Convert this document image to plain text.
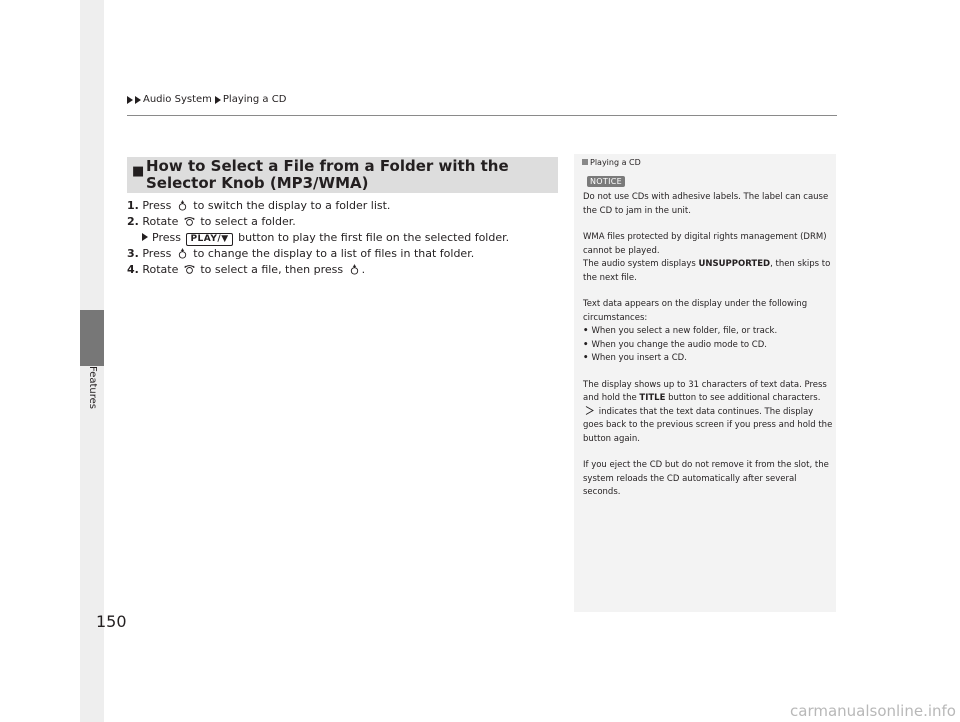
Features
Audio System Playing a CD
■ How to Select a File from a Folder with the Selector Knob (MP3/WMA)
1. Press to switch the display to a folder list.
2. Rotate to select a folder.
Press PLAY/▼ button to play the first file on the selected folder.
3. Press to change the display to a list of files in that folder.
4. Rotate to select a file, then press .
Playing a CD
NOTICE

Do not use CDs with adhesive labels. The label can cause the CD to jam in the unit.

WMA files protected by digital rights management (DRM) cannot be played.
The audio system displays UNSUPPORTED, then skips to the next file.

Text data appears on the display under the following circumstances:
• When you select a new folder, file, or track.
• When you change the audio mode to CD.
• When you insert a CD.

The display shows up to 31 characters of text data. Press and hold the TITLE button to see additional characters.  indicates that the text data continues. The display goes back to the previous screen if you press and hold the button again.

If you eject the CD but do not remove it from the slot, the system reloads the CD automatically after several seconds.

150
carmanualsonline.info
